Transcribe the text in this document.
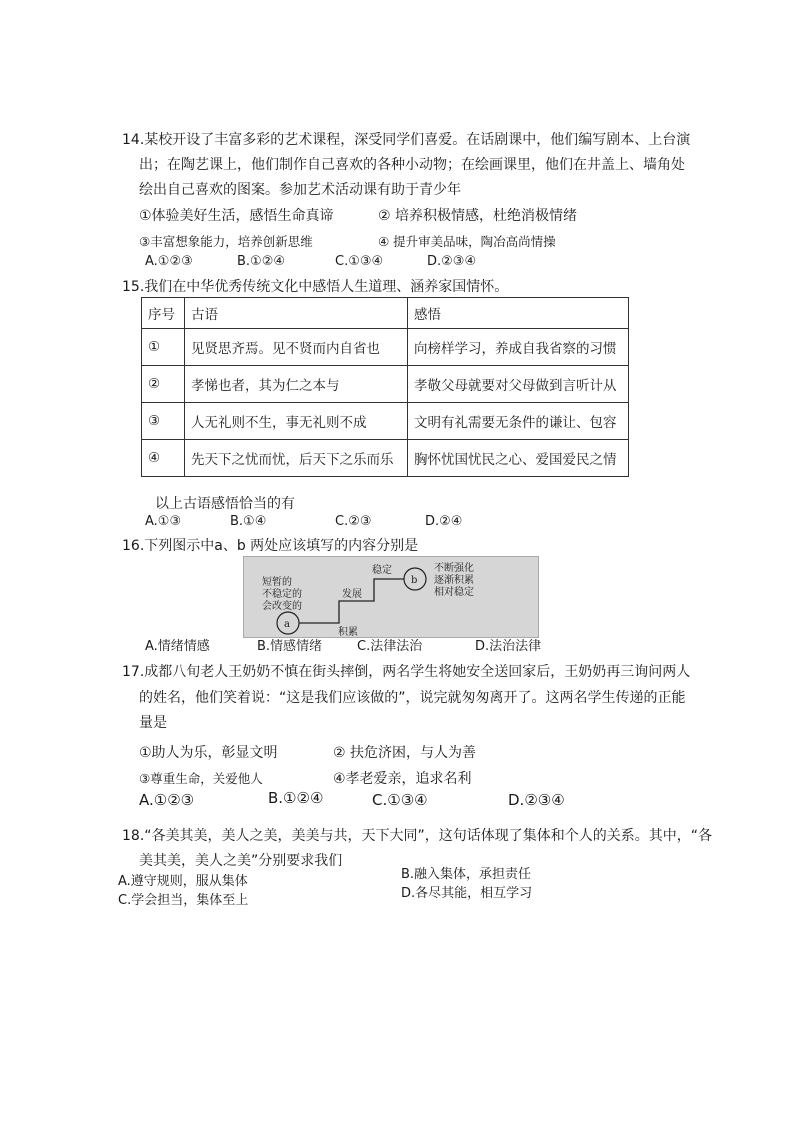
14.某校开设了丰富多彩的艺术课程，深受同学们喜爱。在话剧课中，他们编写剧本、上台演
出；在陶艺课上，他们制作自己喜欢的各种小动物；在绘画课里，他们在井盖上、墙角处
绘出自己喜欢的图案。参加艺术活动课有助于青少年
①体验美好生活，感悟生命真谛	② 培养积极情感，杜绝消极情绪
③丰富想象能力，培养创新思维	④ 提升审美品味，陶冶高尚情操
A.①②③	B.①②④	C.①③④	D.②③④
15.我们在中华优秀传统文化中感悟人生道理、涵养家国情怀。
序号	古语	感悟
①	见贤思齐焉。见不贤而内自省也	向榜样学习，养成自我省察的习惯
②	孝悌也者，其为仁之本与	孝敬父母就要对父母做到言听计从
③	人无礼则不生，事无礼则不成	文明有礼需要无条件的谦让、包容
④	先天下之忧而忧，后天下之乐而乐	胸怀忧国忧民之心、爱国爱民之情
以上古语感悟恰当的有
A.①③	B.①④	C.②③	D.②④
16.下列图示中a、b 两处应该填写的内容分别是
短暂的
不稳定的
会改变的
a
积累
发展
稳定
b
不断强化
逐渐积累
相对稳定
A.情绪情感	B.情感情绪	C.法律法治	D.法治法律
17.成都八旬老人王奶奶不慎在街头摔倒，两名学生将她安全送回家后，王奶奶再三询问两人
的姓名，他们笑着说：“这是我们应该做的”，说完就匆匆离开了。这两名学生传递的正能
量是
①助人为乐，彰显文明	② 扶危济困，与人为善
③尊重生命，关爱他人	④孝老爱亲，追求名利
A.①②③	B.①②④	C.①③④	D.②③④
18.“各美其美，美人之美，美美与共，天下大同”，这句话体现了集体和个人的关系。其中，“各
美其美，美人之美”分别要求我们
B.融入集体，承担责任
A.遵守规则，服从集体
D.各尽其能，相互学习
C.学会担当，集体至上
